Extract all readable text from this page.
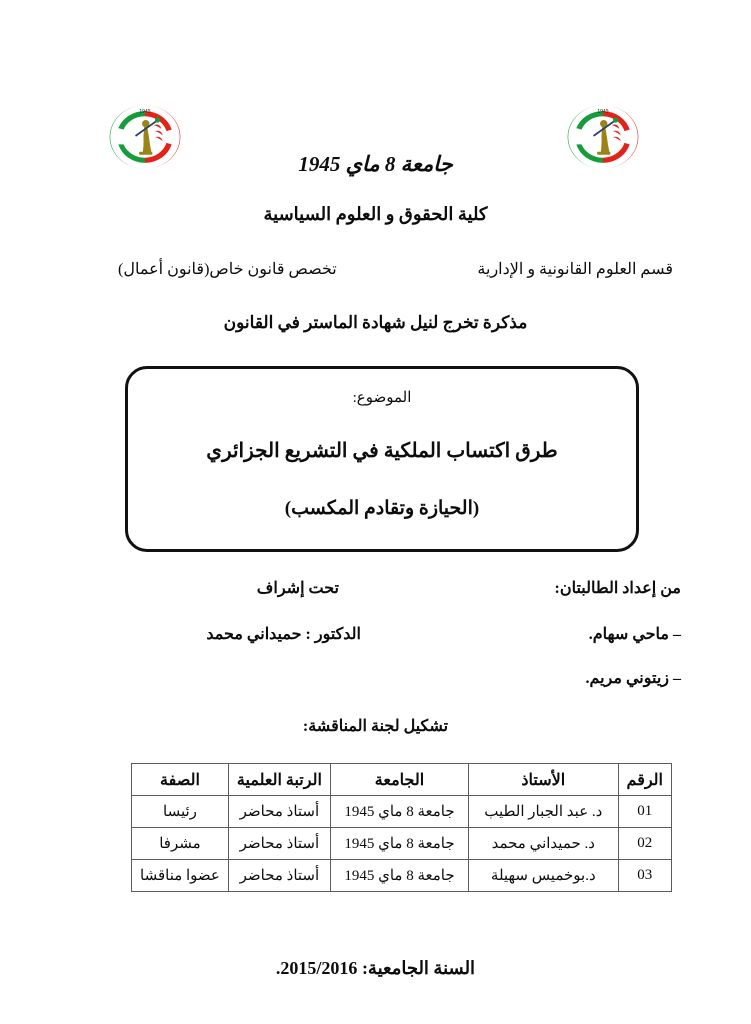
1945	1945
جامعة 8 ماي 1945
كلية الحقوق و العلوم السياسية
قسم العلوم القانونية و الإدارية
تخصص قانون خاص(قانون أعمال)
مذكرة تخرج لنيل شهادة الماستر في القانون
الموضوع:
طرق اكتساب الملكية في التشريع الجزائري
(الحيازة وتقادم المكسب)
من إعداد الطالبتان:
– ماحي سهام.
– زيتوني مريم.
تحت إشراف
الدكتور : حميداني محمد
تشكيل لجنة المناقشة:
الرقم	الأستاذ	الجامعة	الرتبة العلمية	الصفة
01	د. عبد الجبار الطيب	جامعة 8 ماي 1945	أستاذ محاضر	رئيسا
02	د. حميداني محمد	جامعة 8 ماي 1945	أستاذ محاضر	مشرفا
03	د.بوخميس سهيلة	جامعة 8 ماي 1945	أستاذ محاضر	عضوا مناقشا
السنة الجامعية: 2015/2016.
